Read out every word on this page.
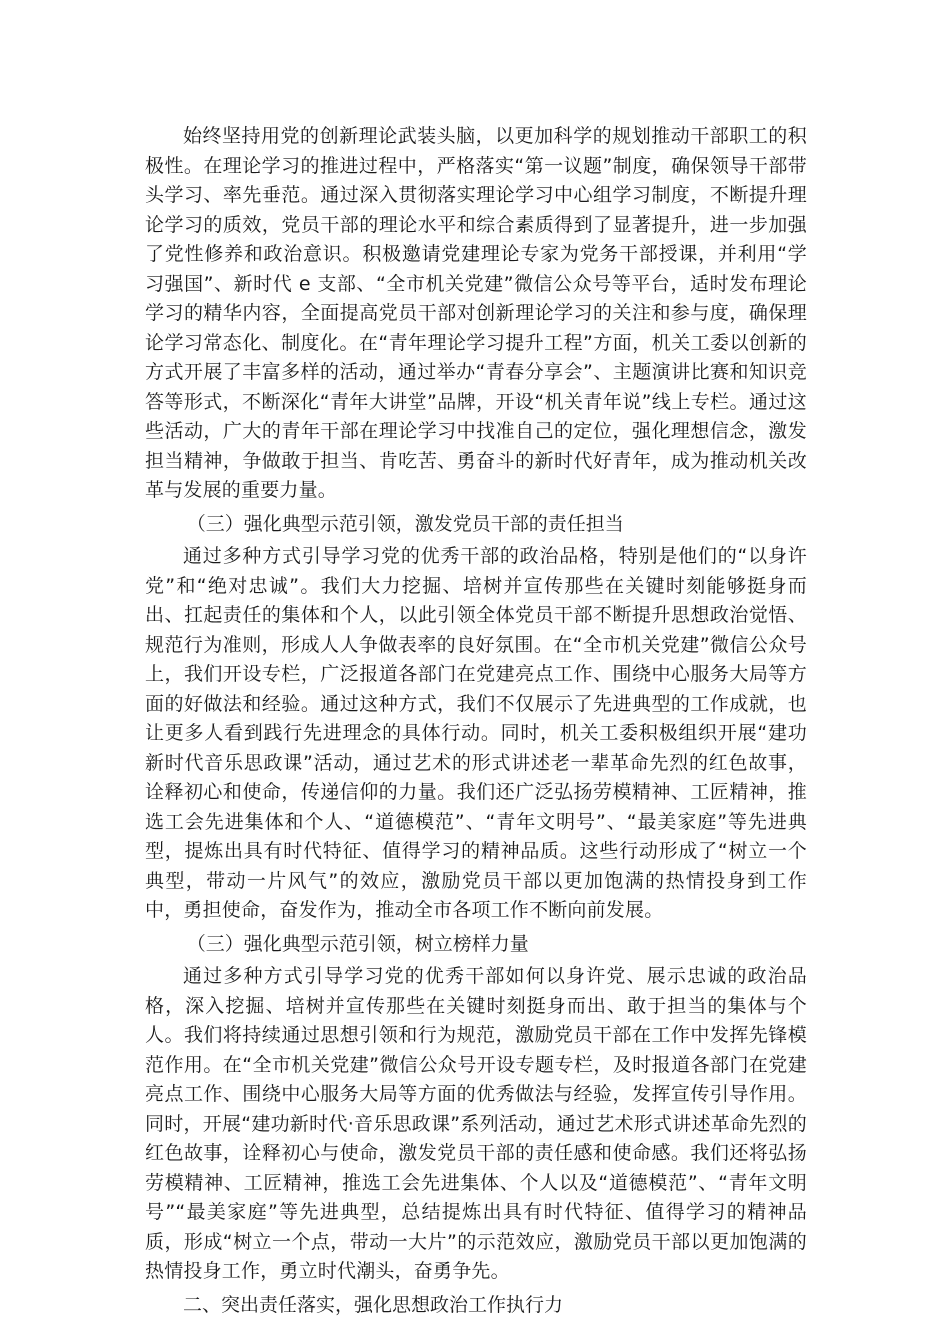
始终坚持用党的创新理论武装头脑，以更加科学的规划推动干部职工的积极性。在理论学习的推进过程中，严格落实“第一议题”制度，确保领导干部带头学习、率先垂范。通过深入贯彻落实理论学习中心组学习制度，不断提升理论学习的质效，党员干部的理论水平和综合素质得到了显著提升，进一步加强了党性修养和政治意识。积极邀请党建理论专家为党务干部授课，并利用“学习强国”、新时代 e 支部、“全市机关党建”微信公众号等平台，适时发布理论学习的精华内容，全面提高党员干部对创新理论学习的关注和参与度，确保理论学习常态化、制度化。在“青年理论学习提升工程”方面，机关工委以创新的方式开展了丰富多样的活动，通过举办“青春分享会”、主题演讲比赛和知识竞答等形式，不断深化“青年大讲堂”品牌，开设“机关青年说”线上专栏。通过这些活动，广大的青年干部在理论学习中找准自己的定位，强化理想信念，激发担当精神，争做敢于担当、肯吃苦、勇奋斗的新时代好青年，成为推动机关改革与发展的重要力量。

（三）强化典型示范引领，激发党员干部的责任担当

通过多种方式引导学习党的优秀干部的政治品格，特别是他们的“以身许党”和“绝对忠诚”。我们大力挖掘、培树并宣传那些在关键时刻能够挺身而出、扛起责任的集体和个人，以此引领全体党员干部不断提升思想政治觉悟、规范行为准则，形成人人争做表率的良好氛围。在“全市机关党建”微信公众号上，我们开设专栏，广泛报道各部门在党建亮点工作、围绕中心服务大局等方面的好做法和经验。通过这种方式，我们不仅展示了先进典型的工作成就，也让更多人看到践行先进理念的具体行动。同时，机关工委积极组织开展“建功新时代音乐思政课”活动，通过艺术的形式讲述老一辈革命先烈的红色故事，诠释初心和使命，传递信仰的力量。我们还广泛弘扬劳模精神、工匠精神，推选工会先进集体和个人、“道德模范”、“青年文明号”、“最美家庭”等先进典型，提炼出具有时代特征、值得学习的精神品质。这些行动形成了“树立一个典型，带动一片风气”的效应，激励党员干部以更加饱满的热情投身到工作中，勇担使命，奋发作为，推动全市各项工作不断向前发展。

（三）强化典型示范引领，树立榜样力量

通过多种方式引导学习党的优秀干部如何以身许党、展示忠诚的政治品格，深入挖掘、培树并宣传那些在关键时刻挺身而出、敢于担当的集体与个人。我们将持续通过思想引领和行为规范，激励党员干部在工作中发挥先锋模范作用。在“全市机关党建”微信公众号开设专题专栏，及时报道各部门在党建亮点工作、围绕中心服务大局等方面的优秀做法与经验，发挥宣传引导作用。同时，开展“建功新时代·音乐思政课”系列活动，通过艺术形式讲述革命先烈的红色故事，诠释初心与使命，激发党员干部的责任感和使命感。我们还将弘扬劳模精神、工匠精神，推选工会先进集体、个人以及“道德模范”、“青年文明号”“最美家庭”等先进典型，总结提炼出具有时代特征、值得学习的精神品质，形成“树立一个点，带动一大片”的示范效应，激励党员干部以更加饱满的热情投身工作，勇立时代潮头，奋勇争先。

二、突出责任落实，强化思想政治工作执行力
